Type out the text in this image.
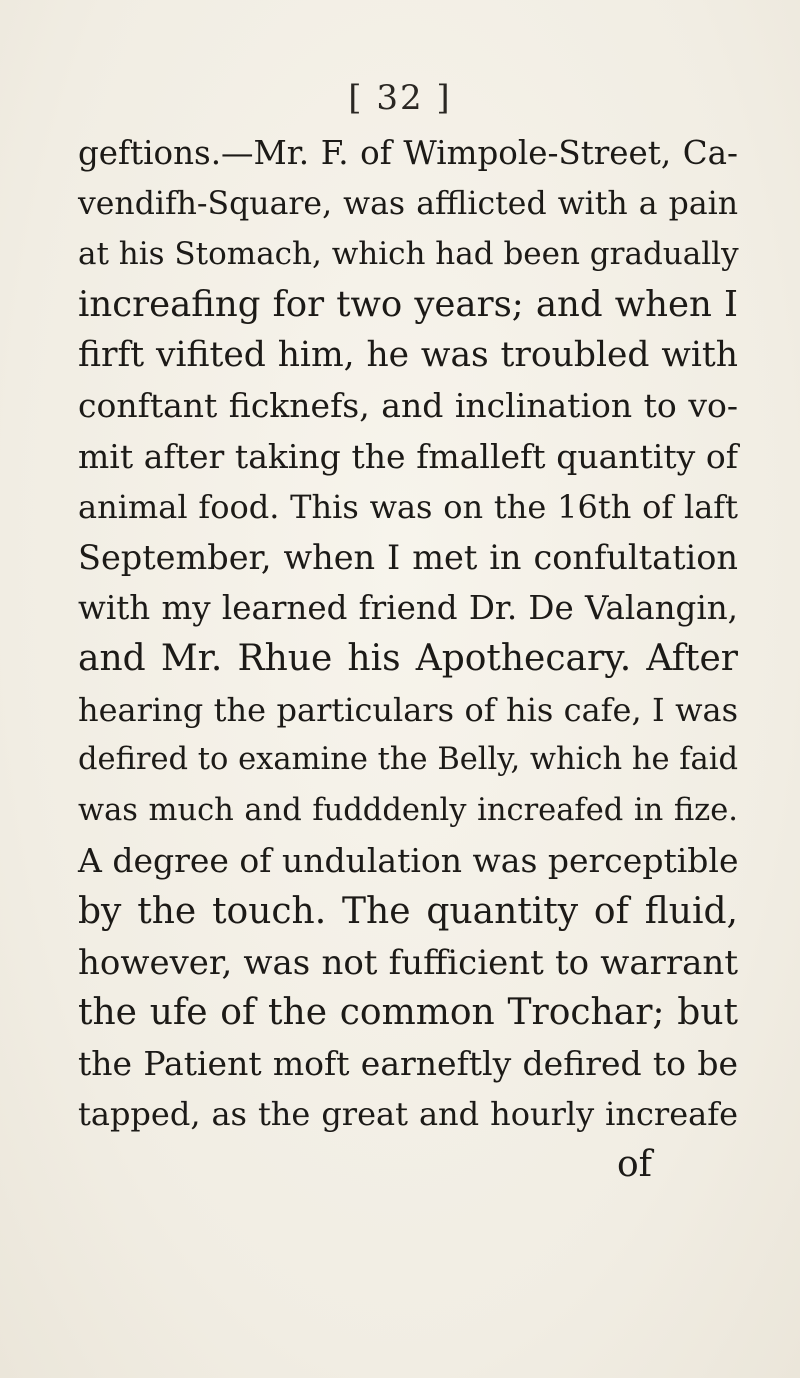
[ 32 ]
geftions.—Mr. F. of Wimpole-Street, Ca-
vendifh-Square, was afflicted with a pain
at his Stomach, which had been gradually
increafing for two years; and when I
firft vifited him, he was troubled with
conftant ficknefs, and inclination to vo-
mit after taking the fmalleft quantity of
animal food. This was on the 16th of laft
September, when I met in confultation
with my learned friend Dr. De Valangin,
and Mr. Rhue his Apothecary. After
hearing the particulars of his cafe, I was
defired to examine the Belly, which he faid
was much and fudddenly increafed in fize.
A degree of undulation was perceptible
by the touch. The quantity of fluid,
however, was not fufficient to warrant
the ufe of the common Trochar; but
the Patient moft earneftly defired to be
tapped, as the great and hourly increafe
of
